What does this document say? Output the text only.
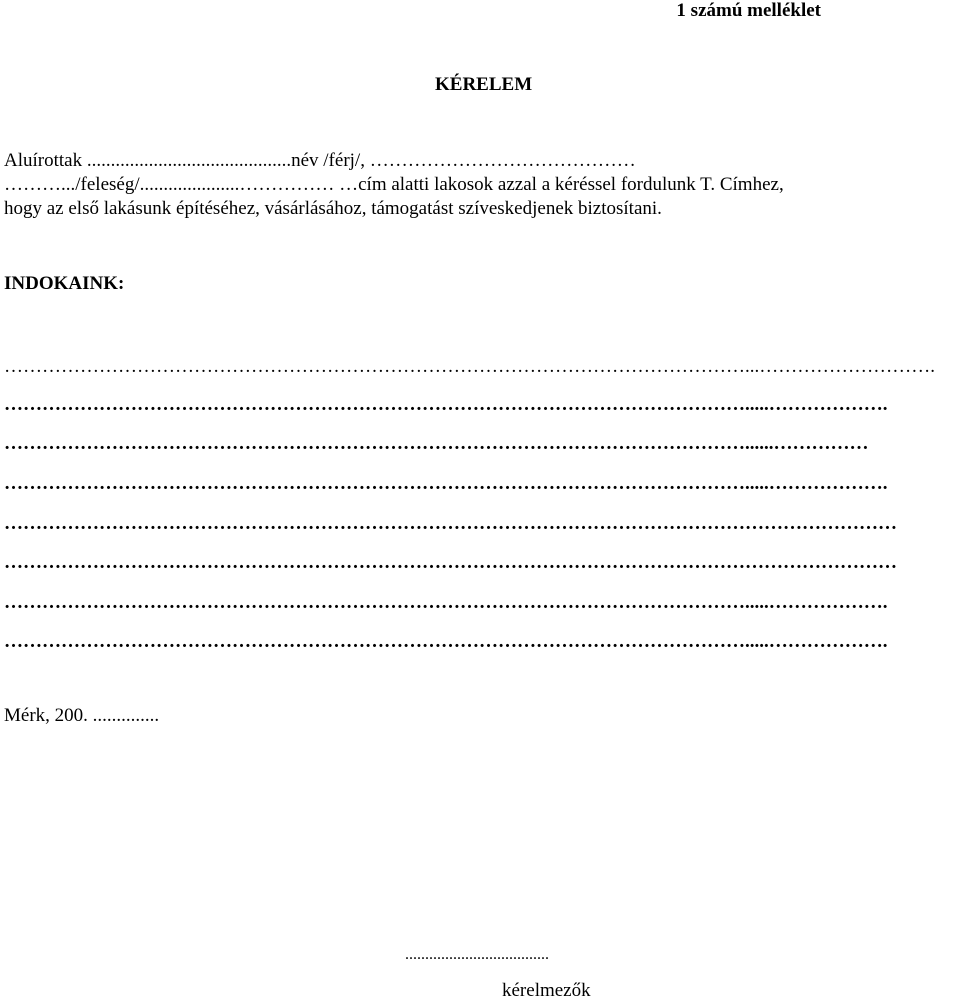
1 számú melléklet
KÉRELEM
Aluírottak ...........................................név /férj/, ……………………………………
……….../feleség/.....................…………… …cím alatti lakosok azzal a kéréssel fordulunk T. Címhez,
hogy az első lakásunk építéséhez, vásárlásához, támogatást szíveskedjenek biztosítani.
INDOKAINK:
………………………………………………………………………………………………………...……………………….
……………………………………………………………………………………………………….....……………….
………………………………………………………………………………………………………......……………
……………………………………………………………………………………………………….....……………….
……………………………………………………………………………………………………………………………
……………………………………………………………………………………………………………………………
……………………………………………………………………………………………………….....……………….
……………………………………………………………………………………………………….....……………….
Mérk, 200. ..............
....................................
kérelmezők
